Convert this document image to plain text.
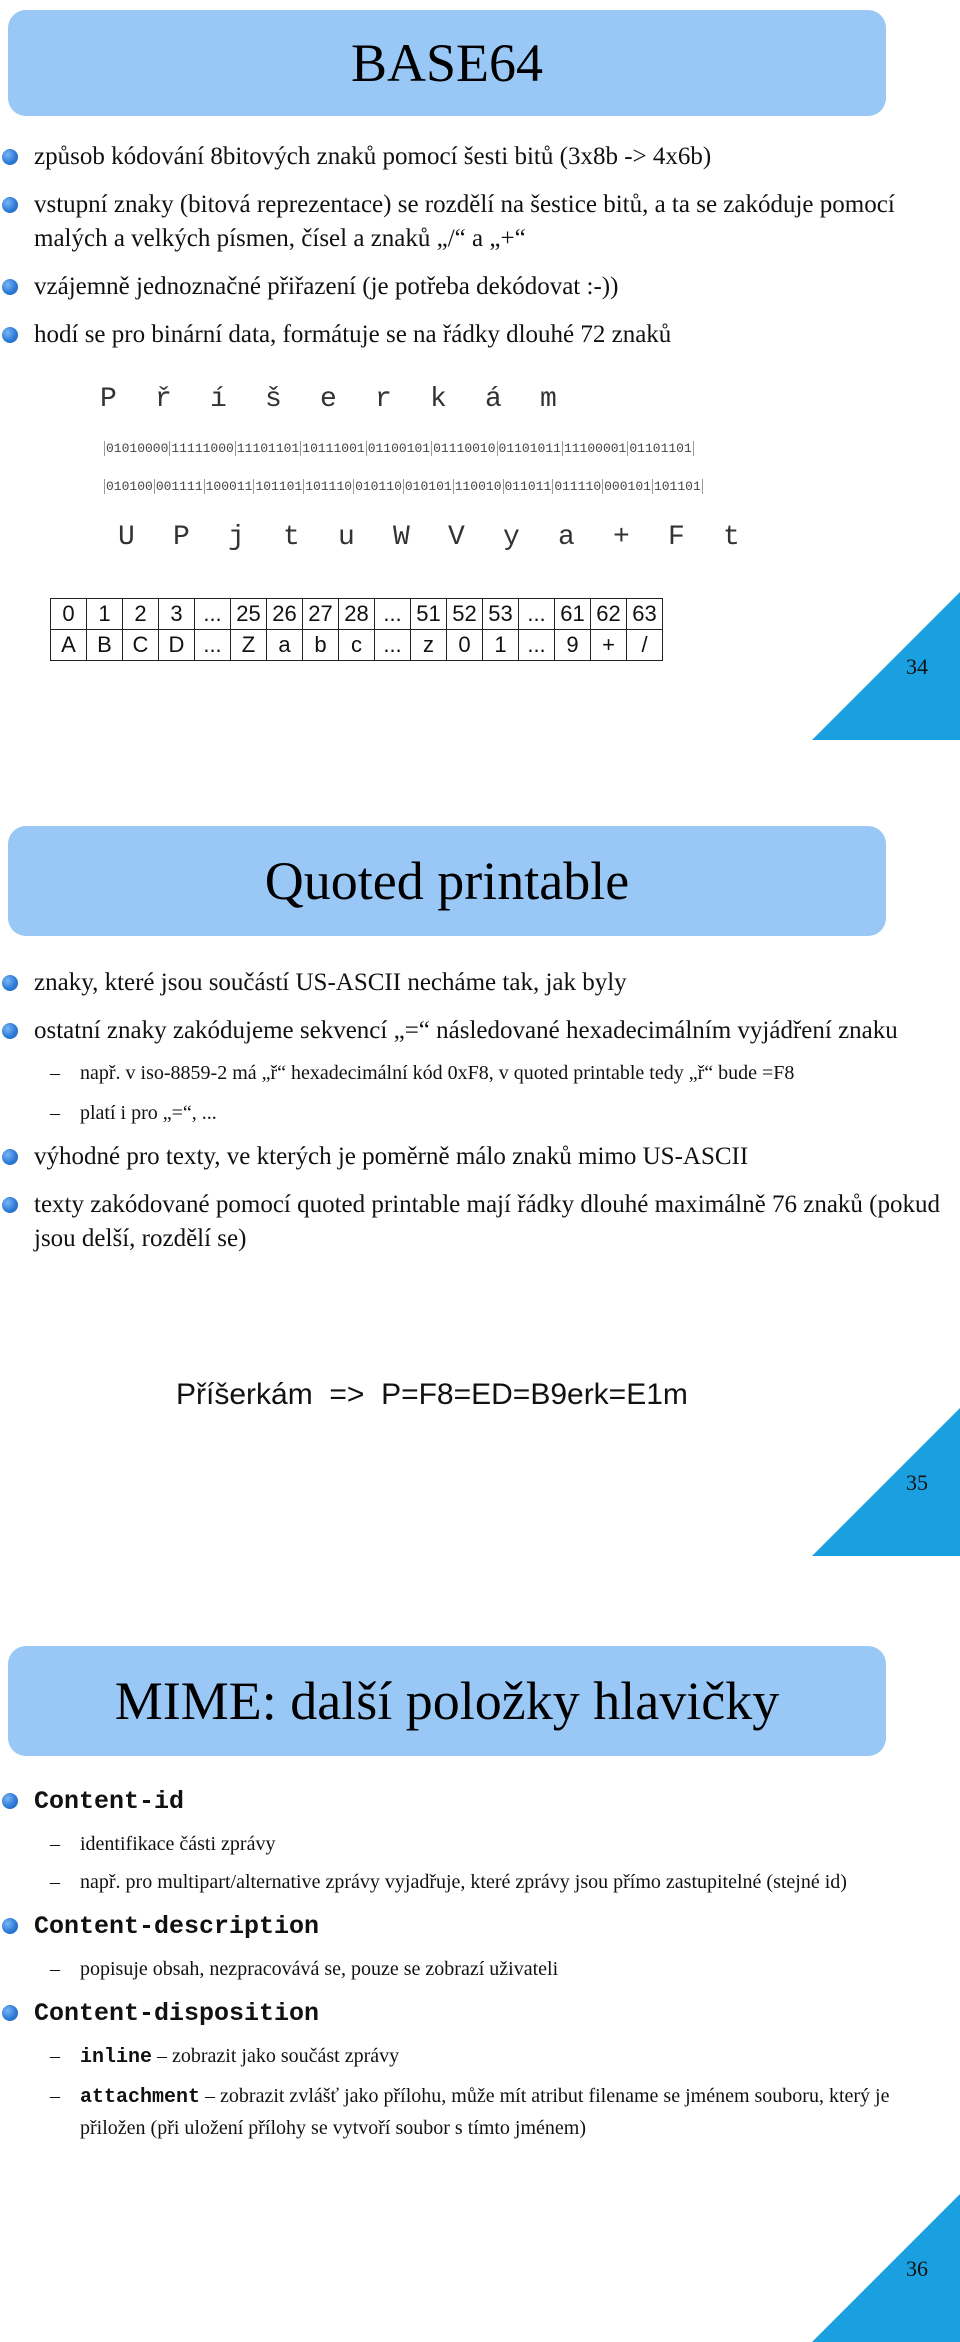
BASE64
způsob kódování 8bitových znaků pomocí šesti bitů (3x8b -> 4x6b)
vstupní znaky (bitová reprezentace) se rozdělí na šestice bitů, a ta se zakóduje pomocí malých a velkých písmen, čísel a znaků „/“ a „+“
vzájemně jednoznačné přiřazení (je potřeba dekódovat :-))
hodí se pro binární data, formátuje se na řádky dlouhé 72 znaků
P ř í š e r k á m
01010000 11111000 11101101 10111001 01100101 01110010 01101011 11100001 01101101
010100 001111 100011 101101 101110 010110 010101 110010 011011 011110 000101 101101
U P j t u W V y a + F t
0	1	2	3	...	25	26	27	28	...	51	52	53	...	61	62	63
A	B	C	D	...	Z	a	b	c	...	z	0	1	...	9	+	/
34
Quoted printable
znaky, které jsou součástí US-ASCII necháme tak, jak byly
ostatní znaky zakódujeme sekvencí „=“ následované hexadecimálním vyjádření znaku
– např. v iso-8859-2 má „ř“ hexadecimální kód 0xF8, v quoted printable tedy „ř“ bude =F8
– platí i pro „=“, ...
výhodné pro texty, ve kterých je poměrně málo znaků mimo US-ASCII
texty zakódované pomocí quoted printable mají řádky dlouhé maximálně 76 znaků (pokud jsou delší, rozdělí se)
Příšerkám  =>  P=F8=ED=B9erk=E1m
35
MIME: další položky hlavičky
Content-id
– identifikace části zprávy
– např. pro multipart/alternative zprávy vyjadřuje, které zprávy jsou přímo zastupitelné (stejné id)
Content-description
– popisuje obsah, nezpracovává se, pouze se zobrazí uživateli
Content-disposition
– inline – zobrazit jako součást zprávy
– attachment – zobrazit zvlášť jako přílohu, může mít atribut filename se jménem souboru, který je přiložen (při uložení přílohy se vytvoří soubor s tímto jménem)
36
